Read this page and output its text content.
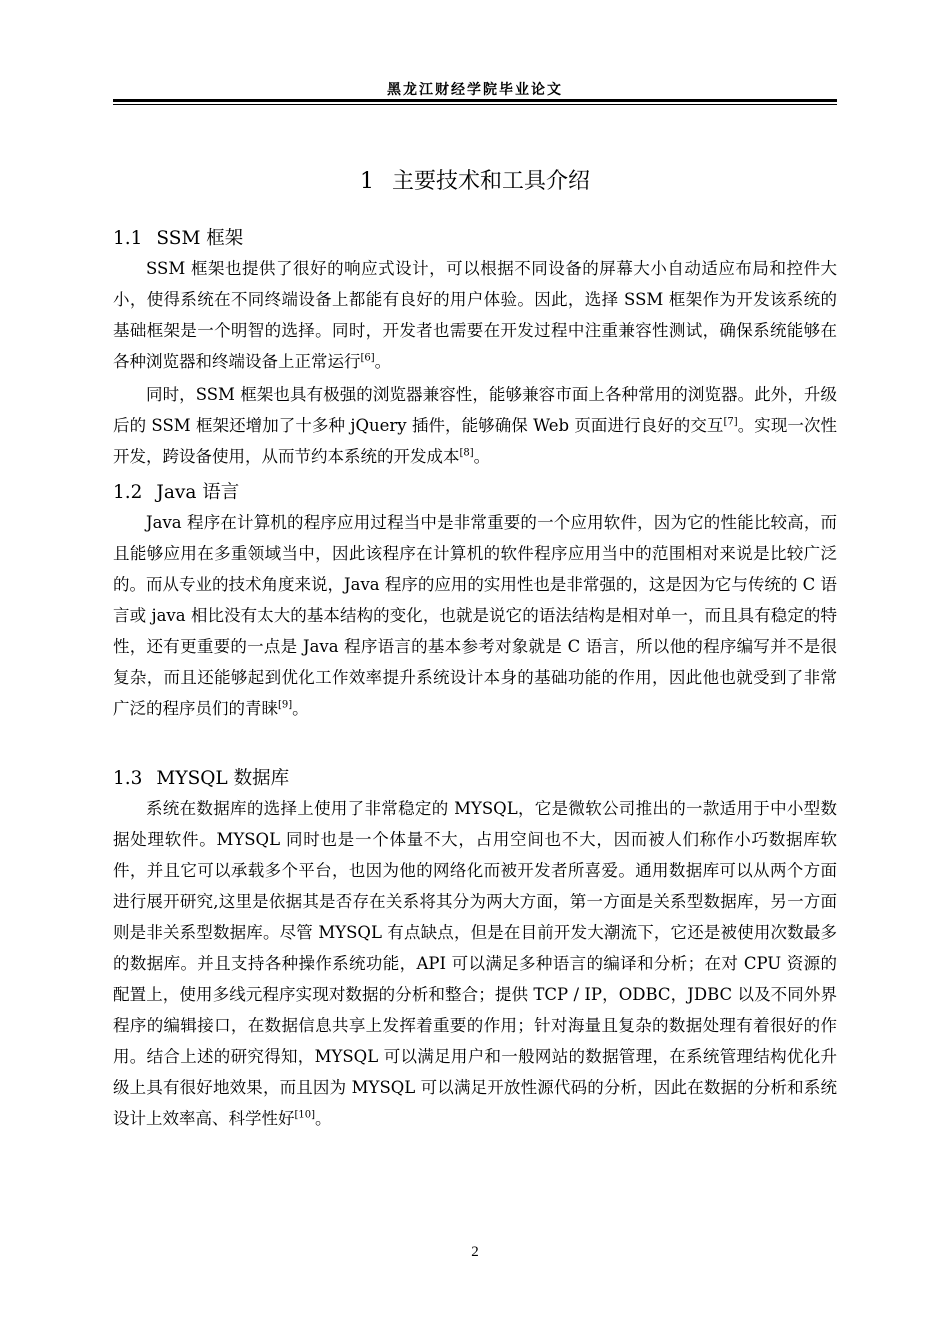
黑龙江财经学院毕业论文
1 主要技术和工具介绍
1.1 SSM 框架

SSM 框架也提供了很好的响应式设计，可以根据不同设备的屏幕大小自动适应布局和控件大小，使得系统在不同终端设备上都能有良好的用户体验。因此，选择 SSM 框架作为开发该系统的基础框架是一个明智的选择。同时，开发者也需要在开发过程中注重兼容性测试，确保系统能够在各种浏览器和终端设备上正常运行[6]。

同时，SSM 框架也具有极强的浏览器兼容性，能够兼容市面上各种常用的浏览器。此外，升级后的 SSM 框架还增加了十多种 jQuery 插件，能够确保 Web 页面进行良好的交互[7]。实现一次性开发，跨设备使用，从而节约本系统的开发成本[8]。

1.2 Java 语言

Java 程序在计算机的程序应用过程当中是非常重要的一个应用软件，因为它的性能比较高，而且能够应用在多重领域当中，因此该程序在计算机的软件程序应用当中的范围相对来说是比较广泛的。而从专业的技术角度来说，Java 程序的应用的实用性也是非常强的，这是因为它与传统的 C 语言或 java 相比没有太大的基本结构的变化，也就是说它的语法结构是相对单一，而且具有稳定的特性，还有更重要的一点是 Java 程序语言的基本参考对象就是 C 语言，所以他的程序编写并不是很复杂，而且还能够起到优化工作效率提升系统设计本身的基础功能的作用，因此他也就受到了非常广泛的程序员们的青睐[9]。

1.3 MYSQL 数据库

系统在数据库的选择上使用了非常稳定的 MYSQL，它是微软公司推出的一款适用于中小型数据处理软件。MYSQL 同时也是一个体量不大，占用空间也不大，因而被人们称作小巧数据库软件，并且它可以承载多个平台，也因为他的网络化而被开发者所喜爱。通用数据库可以从两个方面进行展开研究,这里是依据其是否存在关系将其分为两大方面，第一方面是关系型数据库，另一方面则是非关系型数据库。尽管 MYSQL 有点缺点，但是在目前开发大潮流下，它还是被使用次数最多的数据库。并且支持各种操作系统功能，API 可以满足多种语言的编译和分析；在对 CPU 资源的配置上，使用多线元程序实现对数据的分析和整合；提供 TCP / IP，ODBC，JDBC 以及不同外界程序的编辑接口，在数据信息共享上发挥着重要的作用；针对海量且复杂的数据处理有着很好的作用。结合上述的研究得知，MYSQL 可以满足用户和一般网站的数据管理，在系统管理结构优化升级上具有很好地效果，而且因为 MYSQL 可以满足开放性源代码的分析，因此在数据的分析和系统设计上效率高、科学性好[10]。

2
